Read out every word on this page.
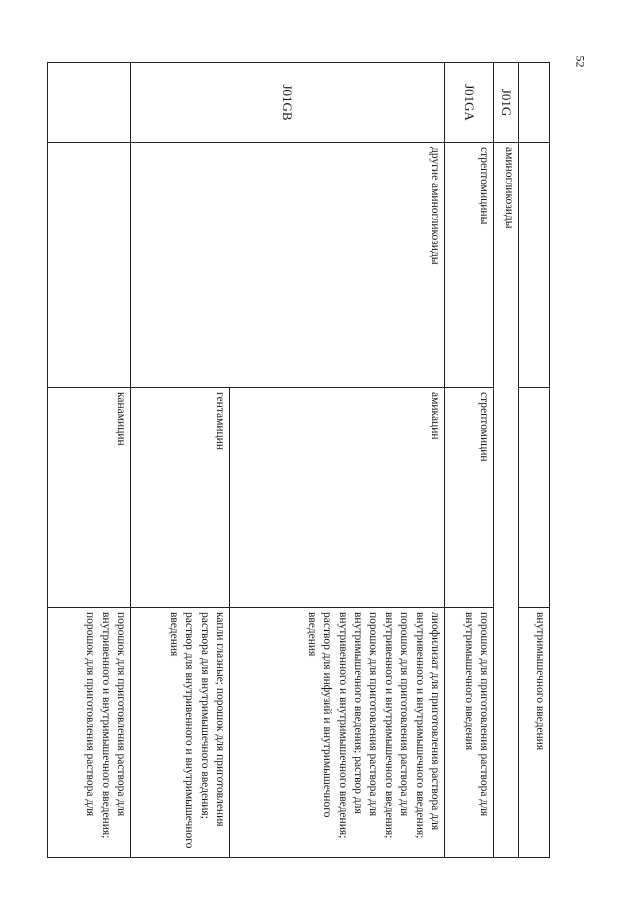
52
			внутримышечного введения
J01G	аминогликозиды		
J01GA	стрептомицины	стрептомицин	порошок для приготовления раствора для внутримышечного введения
J01GB	другие аминогликозиды	амикацин	лиофилизат для приготовления раствора для внутривенного и внутримышечного введения; порошок для приготовления раствора для внутривенного и внутримышечного введения; порошок для приготовления раствора для внутримышечного введения; раствор для внутривенного и внутримышечного введения; раствор для инфузий и внутримышечного введения
		гентамицин	капли глазные; порошок для приготовления раствора для внутримышечного введения; раствор для внутривенного и внутримышечного введения
		канамицин	порошок для приготовления раствора для внутривенного и внутримышечного введения; порошок для приготовления раствора для
